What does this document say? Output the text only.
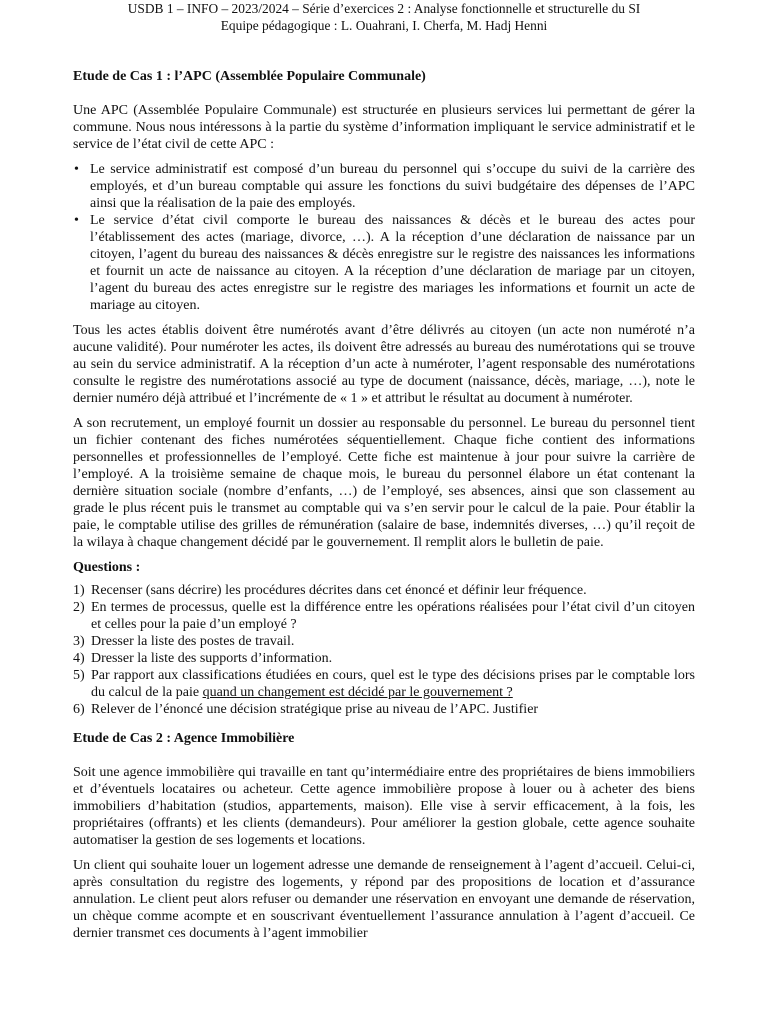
USDB 1 – INFO – 2023/2024 – Série d’exercices 2 : Analyse fonctionnelle et structurelle du SI
Equipe pédagogique : L. Ouahrani, I. Cherfa, M. Hadj Henni
Etude de Cas 1 : l’APC (Assemblée Populaire Communale)

Une APC (Assemblée Populaire Communale) est structurée en plusieurs services lui permettant de gérer la commune. Nous nous intéressons à la partie du système d’information impliquant le service administratif et le service de l’état civil de cette APC :

• Le service administratif est composé d’un bureau du personnel qui s’occupe du suivi de la carrière des employés, et d’un bureau comptable qui assure les fonctions du suivi budgétaire des dépenses de l’APC ainsi que la réalisation de la paie des employés.
• Le service d’état civil comporte le bureau des naissances & décès et le bureau des actes pour l’établissement des actes (mariage, divorce, …). A la réception d’une déclaration de naissance par un citoyen, l’agent du bureau des naissances & décès enregistre sur le registre des naissances les informations et fournit un acte de naissance au citoyen. A la réception d’une déclaration de mariage par un citoyen, l’agent du bureau des actes enregistre sur le registre des mariages les informations et fournit un acte de mariage au citoyen.

Tous les actes établis doivent être numérotés avant d’être délivrés au citoyen (un acte non numéroté n’a aucune validité). Pour numéroter les actes, ils doivent être adressés au bureau des numérotations qui se trouve au sein du service administratif. A la réception d’un acte à numéroter, l’agent responsable des numérotations consulte le registre des numérotations associé au type de document (naissance, décès, mariage, …), note le dernier numéro déjà attribué et l’incrémente de « 1 » et attribut le résultat au document à numéroter.

A son recrutement, un employé fournit un dossier au responsable du personnel. Le bureau du personnel tient un fichier contenant des fiches numérotées séquentiellement. Chaque fiche contient des informations personnelles et professionnelles de l’employé. Cette fiche est maintenue à jour pour suivre la carrière de l’employé. A la troisième semaine de chaque mois, le bureau du personnel élabore un état contenant la dernière situation sociale (nombre d’enfants, …) de l’employé, ses absences, ainsi que son classement au grade le plus récent puis le transmet au comptable qui va s’en servir pour le calcul de la paie. Pour établir la paie, le comptable utilise des grilles de rémunération (salaire de base, indemnités diverses, …) qu’il reçoit de la wilaya à chaque changement décidé par le gouvernement. Il remplit alors le bulletin de paie.

Questions :
1) Recenser (sans décrire) les procédures décrites dans cet énoncé et définir leur fréquence.
2) En termes de processus, quelle est la différence entre les opérations réalisées pour l’état civil d’un citoyen et celles pour la paie d’un employé ?
3) Dresser la liste des postes de travail.
4) Dresser la liste des supports d’information.
5) Par rapport aux classifications étudiées en cours, quel est le type des décisions prises par le comptable lors du calcul de la paie quand un changement est décidé par le gouvernement ?
6) Relever de l’énoncé une décision stratégique prise au niveau de l’APC. Justifier
Etude de Cas 2 : Agence Immobilière

Soit une agence immobilière qui travaille en tant qu’intermédiaire entre des propriétaires de biens immobiliers et d’éventuels locataires ou acheteur. Cette agence immobilière propose à louer ou à acheter des biens immobiliers d’habitation (studios, appartements, maison). Elle vise à servir efficacement, à la fois, les propriétaires (offrants) et les clients (demandeurs). Pour améliorer la gestion globale, cette agence souhaite automatiser la gestion de ses logements et locations.

Un client qui souhaite louer un logement adresse une demande de renseignement à l’agent d’accueil. Celui-ci, après consultation du registre des logements, y répond par des propositions de location et d’assurance annulation. Le client peut alors refuser ou demander une réservation en envoyant une demande de réservation, un chèque comme acompte et en souscrivant éventuellement l’assurance annulation à l’agent d’accueil. Ce dernier transmet ces documents à l’agent immobilier
